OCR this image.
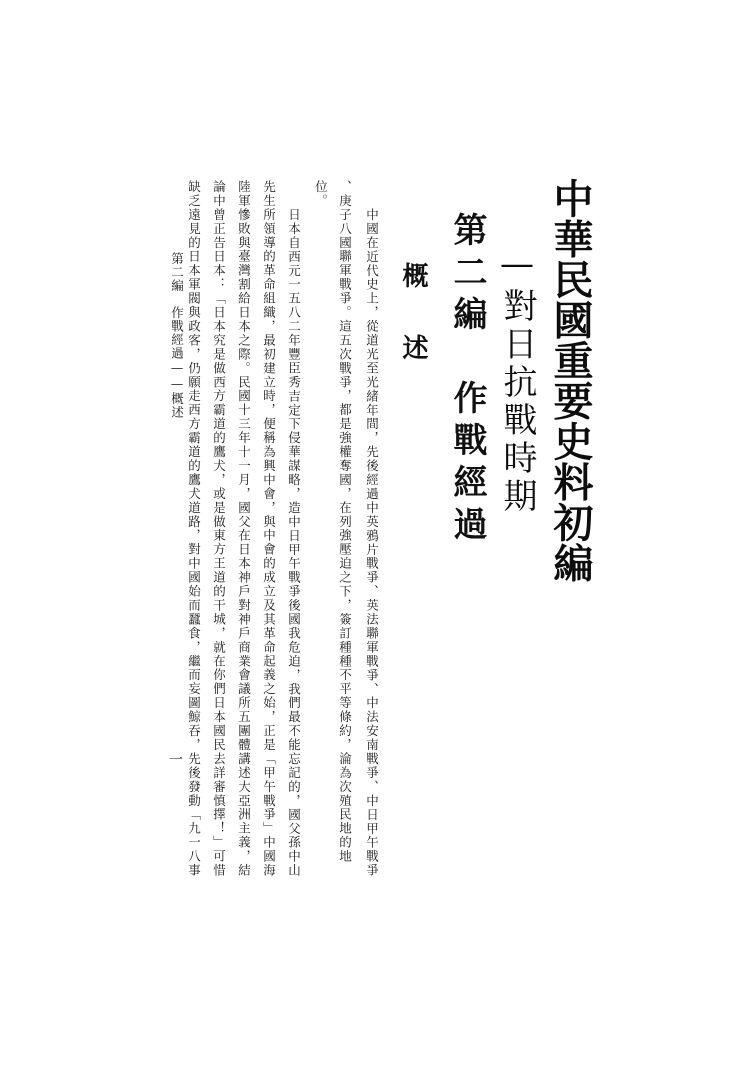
中華民國重要史料初編
—對日抗戰時期
第二編　作戰經過
概述
中國在近代史上，從道光至光緒年間，先後經過中英鴉片戰爭、英法聯軍戰爭、中法安南戰爭、中日甲午戰爭
、庚子八國聯軍戰爭。這五次戰爭，都是強權奪國，在列強壓迫之下，簽訂種種不平等條約，淪為次殖民地的地
位。
日本自西元一五八二年豐臣秀吉定下侵華謀略，造中日甲午戰爭後國我危迫，我們最不能忘記的，國父孫中山
先生所領導的革命組織，最初建立時，便稱為興中會，與中會的成立及其革命起義之始，正是「甲午戰爭」中國海
陸軍慘敗與臺灣割給日本之際。民國十三年十一月，國父在日本神戶對神戶商業會議所五團體講述大亞洲主義，結
論中曾正告日本：「日本究是做西方霸道的鷹犬，或是做東方王道的干城，就在你們日本國民去詳審慎擇！」可惜
缺乏遠見的日本軍閥與政客，仍願走西方霸道的鷹犬道路，對中國始而蠶食，繼而妄圖鯨吞，先後發動「九一八事
第二編　作戰經過——概述
一
